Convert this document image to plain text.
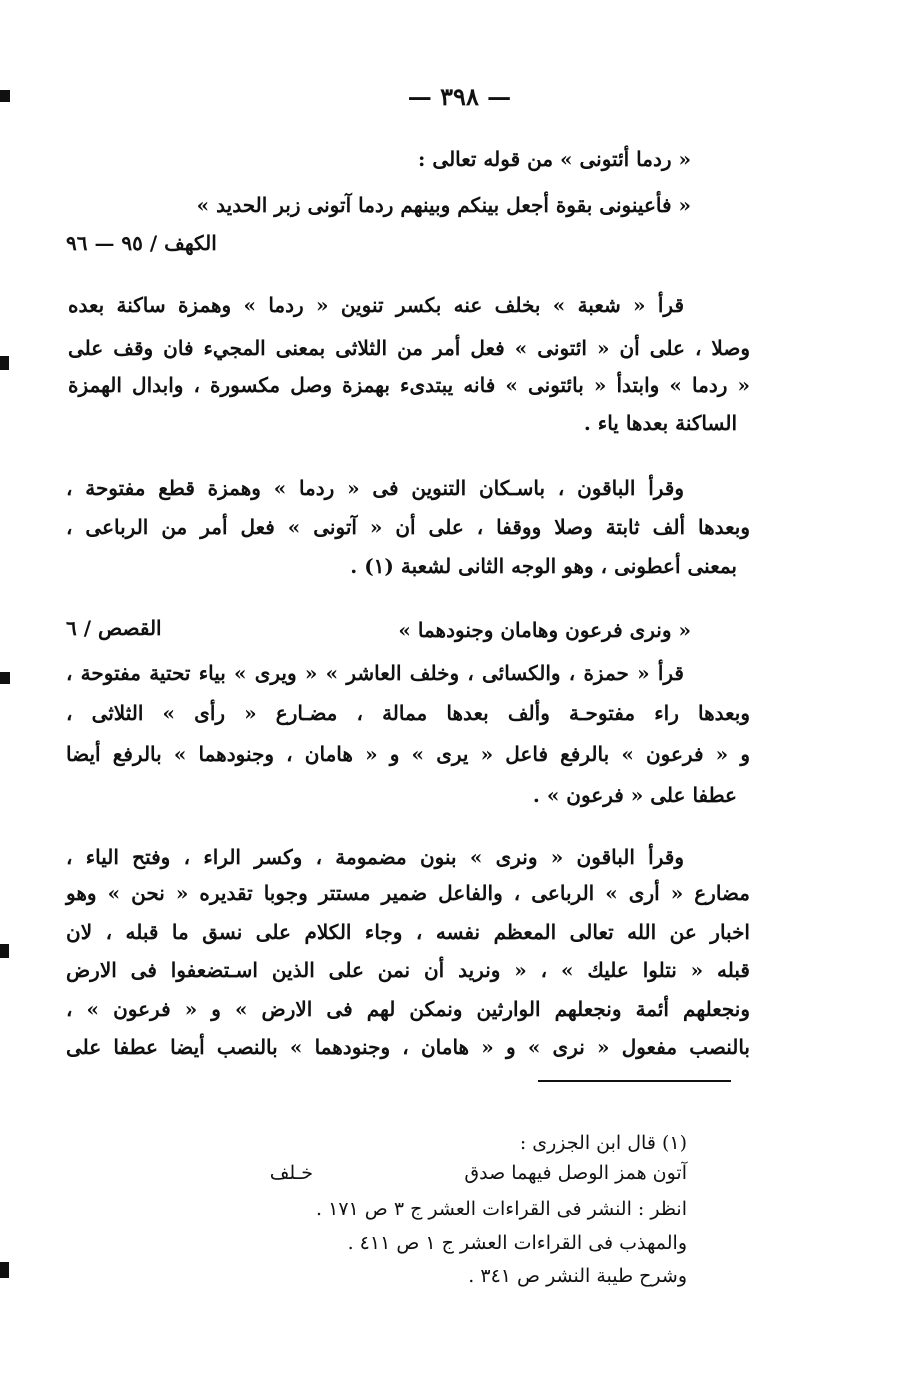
— ٣٩٨ —
« ردما أئتونى » من قوله تعالى :
« فأعينونى بقوة أجعل بينكم وبينهم ردما آتونى زبر الحديد »
الكهف / ٩٥ — ٩٦
قرأ « شعبة » بخلف عنه بكسر تنوين « ردما » وهمزة ساكنة بعده
وصلا ، على أن « ائتونى » فعل أمر من الثلاثى بمعنى المجيء فان وقف على
« ردما » وابتدأ « بائتونى » فانه يبتدىء بهمزة وصل مكسورة ، وابدال الهمزة
الساكنة بعدها ياء .
وقرأ الباقون ، باسـكان التنوين فى « ردما » وهمزة قطع مفتوحة ،
وبعدها ألف ثابتة وصلا ووقفا ، على أن « آتونى » فعل أمر من الرباعى ،
بمعنى أعطونى ، وهو الوجه الثانى لشعبة (١) .
« ونرى فرعون وهامان وجنودهما »
القصص / ٦
قرأ « حمزة ، والكسائى ، وخلف العاشر » « ويرى » بياء تحتية مفتوحة ،
وبعدها راء مفتوحـة وألف بعدها ممالة ، مضـارع « رأى » الثلاثى ،
و « فرعون » بالرفع فاعل « يرى » و « هامان ، وجنودهما » بالرفع أيضا
عطفا على « فرعون » .
وقرأ الباقون « ونرى » بنون مضمومة ، وكسر الراء ، وفتح الياء ،
مضارع « أرى » الرباعى ، والفاعل ضمير مستتر وجوبا تقديره « نحن » وهو
اخبار عن الله تعالى المعظم نفسه ، وجاء الكلام على نسق ما قبله ، لان
قبله « نتلوا عليك » ، « ونريد أن نمن على الذين اسـتضعفوا فى الارض
ونجعلهم أئمة ونجعلهم الوارثين ونمكن لهم فى الارض » و « فرعون » ،
بالنصب مفعول « نرى » و « هامان ، وجنودهما » بالنصب أيضا عطفا على
(١) قال ابن الجزرى :
آتون همز الوصل فيهما صدق
خـلف
انظر : النشر فى القراءات العشر ج ٣ ص ١٧١ .
والمهذب فى القراءات العشر ج ١ ص ٤١١ .
وشرح طيبة النشر ص ٣٤١ .
